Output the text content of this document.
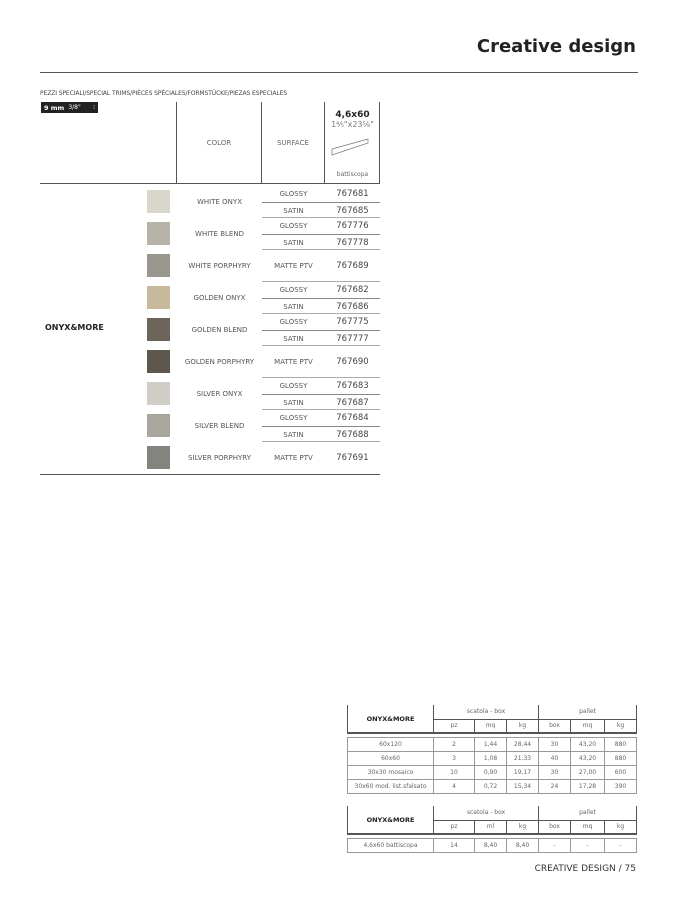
Creative design
PEZZI SPECIALI/SPECIAL TRIMS/PIÈCES SPÉCIALES/FORMSTÜCKE/PIEZAS ESPECIALES
9 mm 3/8" ⁝
COLOR	SURFACE
4,6x60
1⁴⁄₅"x23⁵⁄₈"
battiscopa
ONYX&MORE
WHITE ONYX
GLOSSY	767681
SATIN	767685
WHITE BLEND
GLOSSY	767776
SATIN	767778
WHITE PORPHYRY	MATTE PTV	767689
GOLDEN ONYX
GLOSSY	767682
SATIN	767686
GOLDEN BLEND
GLOSSY	767775
SATIN	767777
GOLDEN PORPHYRY	MATTE PTV	767690
SILVER ONYX
GLOSSY	767683
SATIN	767687
SILVER BLEND
GLOSSY	767684
SATIN	767688
SILVER PORPHYRY	MATTE PTV	767691
ONYX&MORE	scatola - box			pallet		
	pz	mq	kg	box	mq	kg

60x120	2	1,44	28,44	30	43,20	880
60x60	3	1,08	21,33	40	43,20	880
30x30 mosaico	10	0,90	19,17	30	27,00	600
30x60 mod. list.sfalsato	4	0,72	15,34	24	17,28	390
ONYX&MORE	scatola - box			pallet		
	pz	ml	kg	box	mq	kg

4,6x60 battiscopa	14	8,40	8,40	-	-	-
CREATIVE DESIGN / 75
